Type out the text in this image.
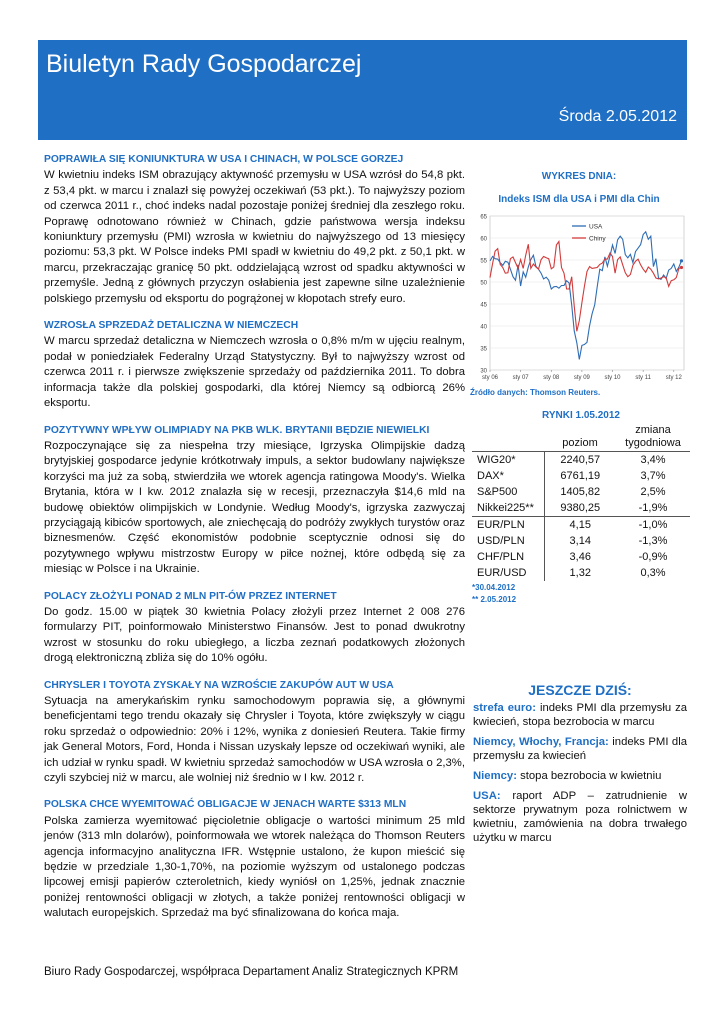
Biuletyn Rady Gospodarczej
Środa 2.05.2012
POPRAWIŁA SIĘ KONIUNKTURA W USA I CHINACH, W POLSCE GORZEJ

W kwietniu indeks ISM obrazujący aktywność przemysłu w USA wzrósł do 54,8 pkt. z 53,4 pkt. w marcu i znalazł się powyżej oczekiwań (53 pkt.). To najwyższy poziom od czerwca 2011 r., choć indeks nadal pozostaje poniżej średniej dla zeszłego roku. Poprawę odnotowano również w Chinach, gdzie państwowa wersja indeksu koniunktury przemysłu (PMI) wzrosła w kwietniu do najwyższego od 13 miesięcy poziomu: 53,3 pkt. W Polsce indeks PMI spadł w kwietniu do 49,2 pkt. z 50,1 pkt. w marcu, przekraczając granicę 50 pkt. oddzielającą wzrost od spadku aktywności w przemyśle. Jedną z głównych przyczyn osłabienia jest zapewne silne uzależnienie polskiego przemysłu od eksportu do pogrążonej w kłopotach strefy euro.

WZROSŁA SPRZEDAŻ DETALICZNA W NIEMCZECH

W marcu sprzedaż detaliczna w Niemczech wzrosła o 0,8% m/m w ujęciu realnym, podał w poniedziałek Federalny Urząd Statystyczny. Był to najwyższy wzrost od czerwca 2011 r. i pierwsze zwiększenie sprzedaży od października 2011. To dobra informacja także dla polskiej gospodarki, dla której Niemcy są odbiorcą 26% eksportu.

POZYTYWNY WPŁYW OLIMPIADY NA PKB WLK. BRYTANII BĘDZIE NIEWIELKI

Rozpoczynające się za niespełna trzy miesiące, Igrzyska Olimpijskie dadzą brytyjskiej gospodarce jedynie krótkotrwały impuls, a sektor budowlany największe korzyści ma już za sobą, stwierdziła we wtorek agencja ratingowa Moody's. Wielka Brytania, która w I kw. 2012 znalazła się w recesji, przeznaczyła $14,6 mld na budowę obiektów olimpijskich w Londynie. Według Moody's, igrzyska zazwyczaj przyciągają kibiców sportowych, ale zniechęcają do podróży zwykłych turystów oraz biznesmenów. Część ekonomistów podobnie sceptycznie odnosi się do pozytywnego wpływu mistrzostw Europy w piłce nożnej, które odbędą się za miesiąc w Polsce i na Ukrainie.

POLACY ZŁOŻYLI PONAD 2 MLN PIT-ÓW PRZEZ INTERNET

Do godz. 15.00 w piątek 30 kwietnia Polacy złożyli przez Internet 2 008 276 formularzy PIT, poinformowało Ministerstwo Finansów. Jest to ponad dwukrotny wzrost w stosunku do roku ubiegłego, a liczba zeznań podatkowych złożonych drogą elektroniczną zbliża się do 10% ogółu.

CHRYSLER I TOYOTA ZYSKAŁY NA WZROŚCIE ZAKUPÓW AUT W USA

Sytuacja na amerykańskim rynku samochodowym poprawia się, a głównymi beneficjentami tego trendu okazały się Chrysler i Toyota, które zwiększyły w ciągu roku sprzedaż o odpowiednio: 20% i 12%, wynika z doniesień Reutera. Takie firmy jak General Motors, Ford, Honda i Nissan uzyskały lepsze od oczekiwań wyniki, ale ich udział w rynku spadł. W kwietniu sprzedaż samochodów w USA wzrosła o 2,3%, czyli szybciej niż w marcu, ale wolniej niż średnio w I kw. 2012 r.

POLSKA CHCE WYEMITOWAĆ OBLIGACJE W JENACH WARTE $313 MLN

Polska zamierza wyemitować pięcioletnie obligacje o wartości minimum 25 mld jenów (313 mln dolarów), poinformowała we wtorek należąca do Thomson Reuters agencja informacyjno analityczna IFR. Wstępnie ustalono, że kupon mieścić się będzie w przedziale 1,30-1,70%, na poziomie wyższym od ustalonego podczas lipcowej emisji papierów czteroletnich, kiedy wyniósł on 1,25%, jednak znacznie poniżej rentowności obligacji w złotych, a także poniżej rentowności obligacji w walutach europejskich. Sprzedaż ma być sfinalizowana do końca maja.

WYKRES DNIA:
Indeks ISM dla USA i PMI dla Chin
30
35
40
45
50
55
60
65
sty 06 sty 07 sty 08 sty 09 sty 10 sty 11 sty 12
USA
Chiny
Źródło danych: Thomson Reuters.
RYNKI 1.05.2012
	poziom	zmiana tygodniowa
WIG20*	2240,57	3,4%
DAX*	6761,19	3,7%
S&P500	1405,82	2,5%
Nikkei225**	9380,25	-1,9%
EUR/PLN	4,15	-1,0%
USD/PLN	3,14	-1,3%
CHF/PLN	3,46	-0,9%
EUR/USD	1,32	0,3%
*30.04.2012
** 2.05.2012
JESZCZE DZIŚ:

strefa euro: indeks PMI dla przemysłu za kwiecień, stopa bezrobocia w marcu

Niemcy, Włochy, Francja: indeks PMI dla przemysłu za kwiecień

Niemcy: stopa bezrobocia w kwietniu

USA: raport ADP – zatrudnienie w sektorze prywatnym poza rolnictwem w kwietniu, zamówienia na dobra trwałego użytku w marcu

Biuro Rady Gospodarczej, współpraca Departament Analiz Strategicznych KPRM
